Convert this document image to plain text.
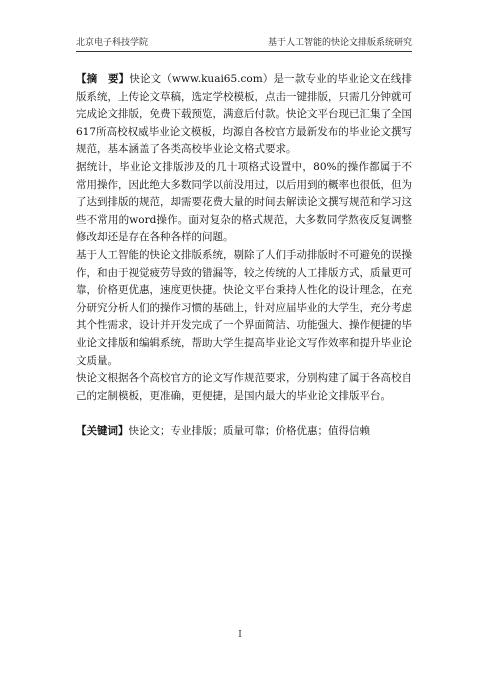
北京电子科技学院	基于人工智能的快论文排版系统研究

【摘　要】快论文（www.kuai65.com）是一款专业的毕业论文在线排版系统，上传论文草稿，选定学校模板，点击一键排版，只需几分钟就可完成论文排版，免费下载预览，满意后付款。快论文平台现已汇集了全国617所高校权威毕业论文模板，均源自各校官方最新发布的毕业论文撰写规范，基本涵盖了各类高校毕业论文格式要求。

据统计，毕业论文排版涉及的几十项格式设置中，80%的操作都属于不常用操作，因此绝大多数同学以前没用过，以后用到的概率也很低，但为了达到排版的规范，却需要花费大量的时间去解读论文撰写规范和学习这些不常用的word操作。面对复杂的格式规范，大多数同学熬夜反复调整修改却还是存在各种各样的问题。

基于人工智能的快论文排版系统，剔除了人们手动排版时不可避免的误操作，和由于视觉疲劳导致的错漏等，较之传统的人工排版方式，质量更可靠，价格更优惠，速度更快捷。快论文平台秉持人性化的设计理念，在充分研究分析人们的操作习惯的基础上，针对应届毕业的大学生，充分考虑其个性需求，设计并开发完成了一个界面简洁、功能强大、操作便捷的毕业论文排版和编辑系统，帮助大学生提高毕业论文写作效率和提升毕业论文质量。

快论文根据各个高校官方的论文写作规范要求，分别构建了属于各高校自己的定制模板，更准确，更便捷，是国内最大的毕业论文排版平台。

【关键词】快论文；专业排版；质量可靠；价格优惠；值得信赖

I
